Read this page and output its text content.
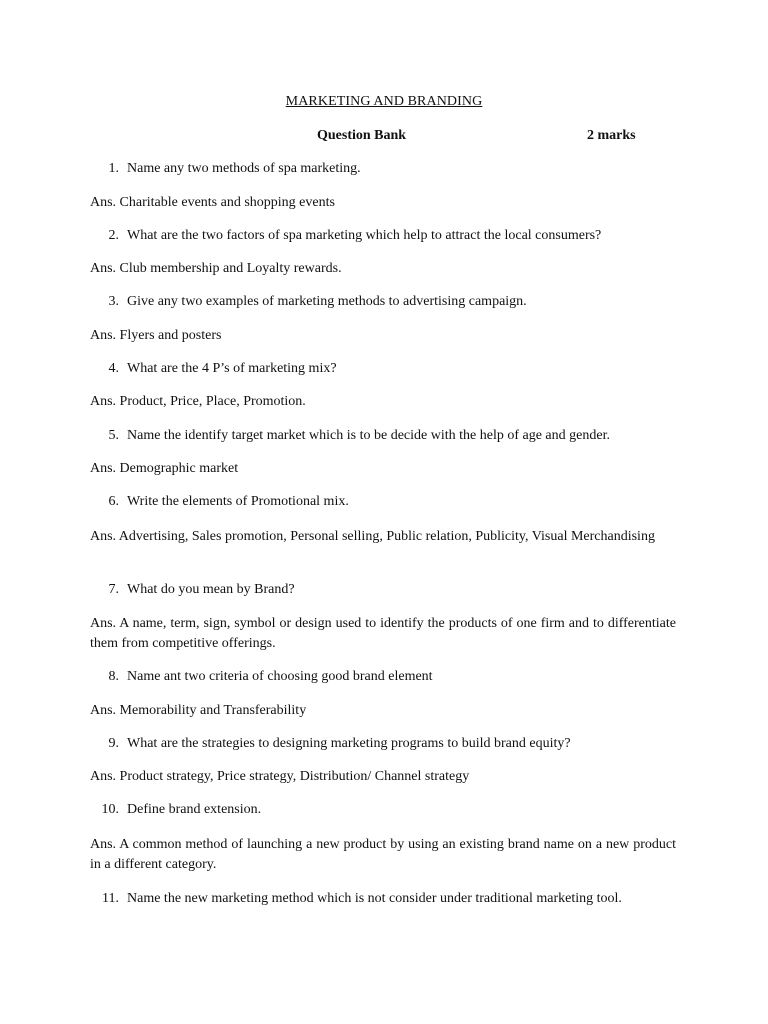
MARKETING AND BRANDING
Question Bank	2 marks
1. Name any two methods of spa marketing.
Ans. Charitable events and shopping events
2. What are the two factors of spa marketing which help to attract the local consumers?
Ans. Club membership and Loyalty rewards.
3. Give any two examples of marketing methods to advertising campaign.
Ans. Flyers and posters
4. What are the 4 P’s of marketing mix?
Ans. Product, Price, Place, Promotion.
5. Name the identify target market which is to be decide with the help of age and gender.
Ans. Demographic market
6. Write the elements of Promotional mix.
Ans. Advertising, Sales promotion, Personal selling, Public relation, Publicity, Visual Merchandising
7. What do you mean by Brand?
Ans. A name, term, sign, symbol or design used to identify the products of one firm and to differentiate them from competitive offerings.
8. Name ant two criteria of choosing good brand element
Ans. Memorability and Transferability
9. What are the strategies to designing marketing programs to build brand equity?
Ans. Product strategy, Price strategy, Distribution/ Channel strategy
10. Define brand extension.
Ans. A common method of launching a new product by using an existing brand name on a new product in a different category.
11. Name the new marketing method which is not consider under traditional marketing tool.
